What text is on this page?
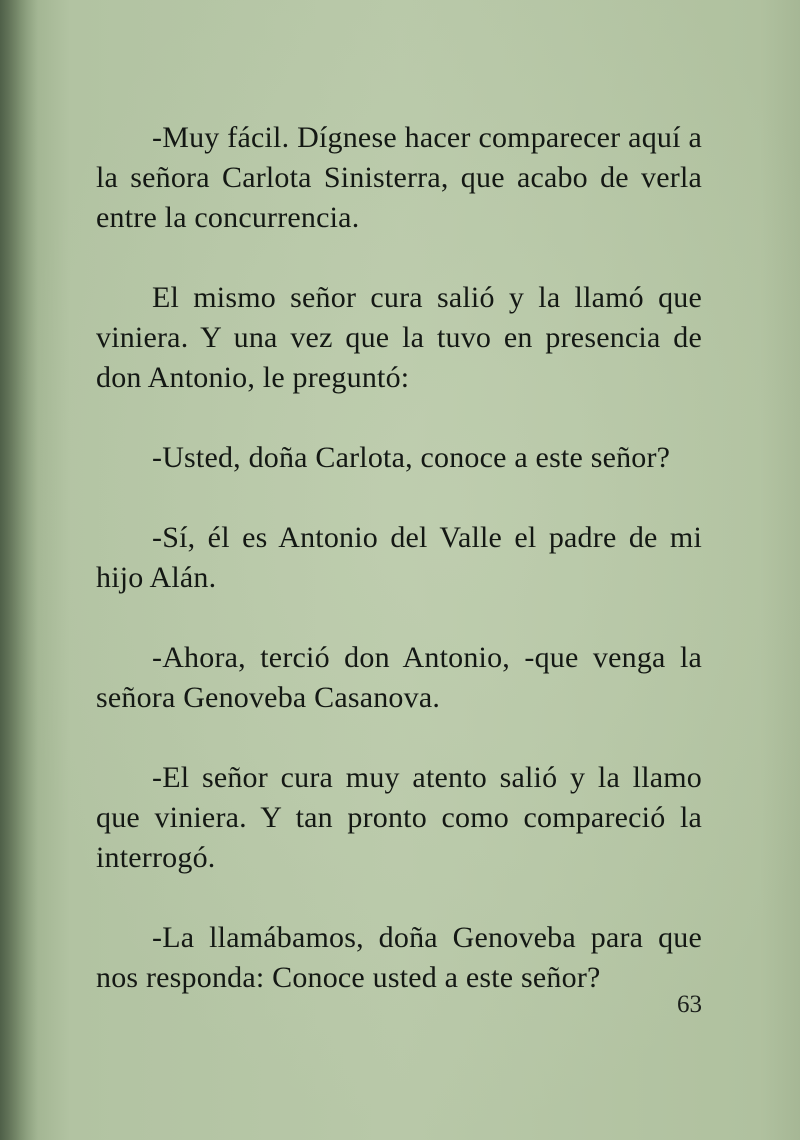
-Muy fácil. Dígnese hacer comparecer aquí a la señora Carlota Sinisterra, que acabo de verla entre la concurrencia.

El mismo señor cura salió y la llamó que viniera. Y una vez que la tuvo en presencia de don Antonio, le preguntó:

-Usted, doña Carlota, conoce a este señor?

-Sí, él es Antonio del Valle el padre de mi hijo Alán.

-Ahora, terció don Antonio, -que venga la señora Genoveba Casanova.

-El señor cura muy atento salió y la llamo que viniera. Y tan pronto como compareció la interrogó.

-La llamábamos, doña Genoveba para que nos responda: Conoce usted a este señor?

63
